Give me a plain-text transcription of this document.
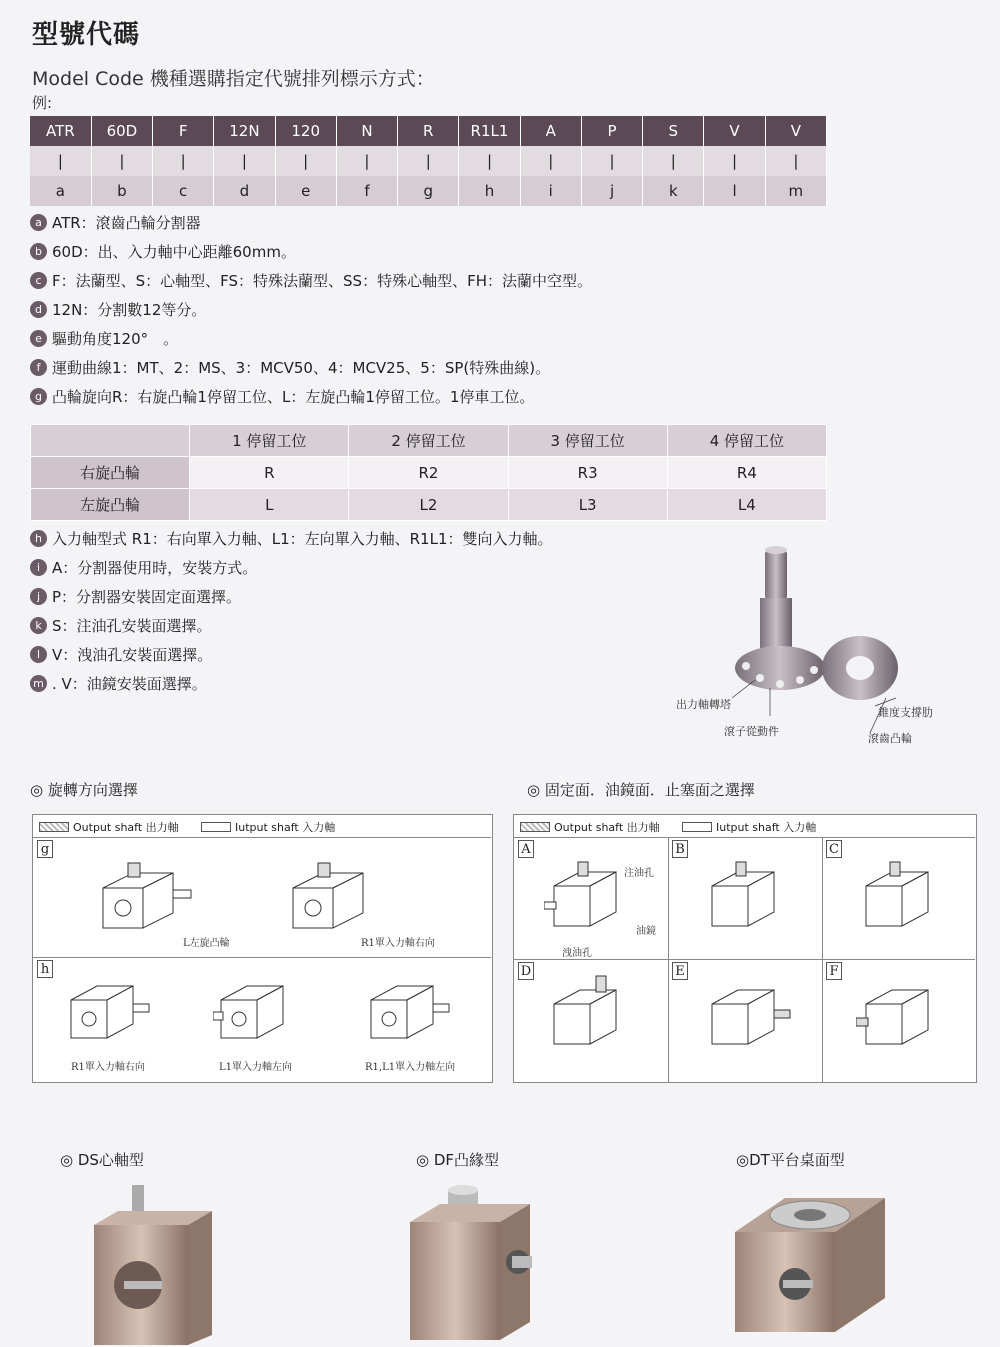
型號代碼
Model Code 機種選購指定代號排列標示方式：
例:
ATR	60D	F	12N	120	N	R	R1L1	A	P	S	V	V
|	|	|	|	|	|	|	|	|	|	|	|	|
a	b	c	d	e	f	g	h	i	j	k	l	m
a ATR：滾齒凸輪分割器
b 60D：出、入力軸中心距離60mm。
c F：法蘭型、S：心軸型、FS：特殊法蘭型、SS：特殊心軸型、FH：法蘭中空型。
d 12N：分割數12等分。
e 驅動角度120°　。
f 運動曲線1：MT、2：MS、3：MCV50、4：MCV25、5：SP(特殊曲線)。
g 凸輪旋向R：右旋凸輪1停留工位、L：左旋凸輪1停留工位。1停車工位。
	1 停留工位	2 停留工位	3 停留工位	4 停留工位
右旋凸輪	R	R2	R3	R4
左旋凸輪	L	L2	L3	L4
h 入力軸型式 R1：右向單入力軸、L1：左向單入力軸、R1L1：雙向入力軸。
i A：分割器使用時，安裝方式。
j P：分割器安裝固定面選擇。
k S：注油孔安裝面選擇。
l V：洩油孔安裝面選擇。
m . V：油鏡安裝面選擇。
出力軸轉塔
滾子從動件
錐度支撐肋
滾齒凸輪
◎ 旋轉方向選擇
Output shaft 出力軸	Iutput shaft 入力軸
g
L左旋凸輪	R1單入力軸右向
h
R1單入力軸右向	L1單入力軸左向	R1,L1單入力軸左向
◎ 固定面．油鏡面．止塞面之選擇
Output shaft 出力軸	Iutput shaft 入力軸
A
注油孔
油鏡
洩油孔
B	C
D	E	F
◎ DS心軸型	◎ DF凸緣型	◎DT平台桌面型
